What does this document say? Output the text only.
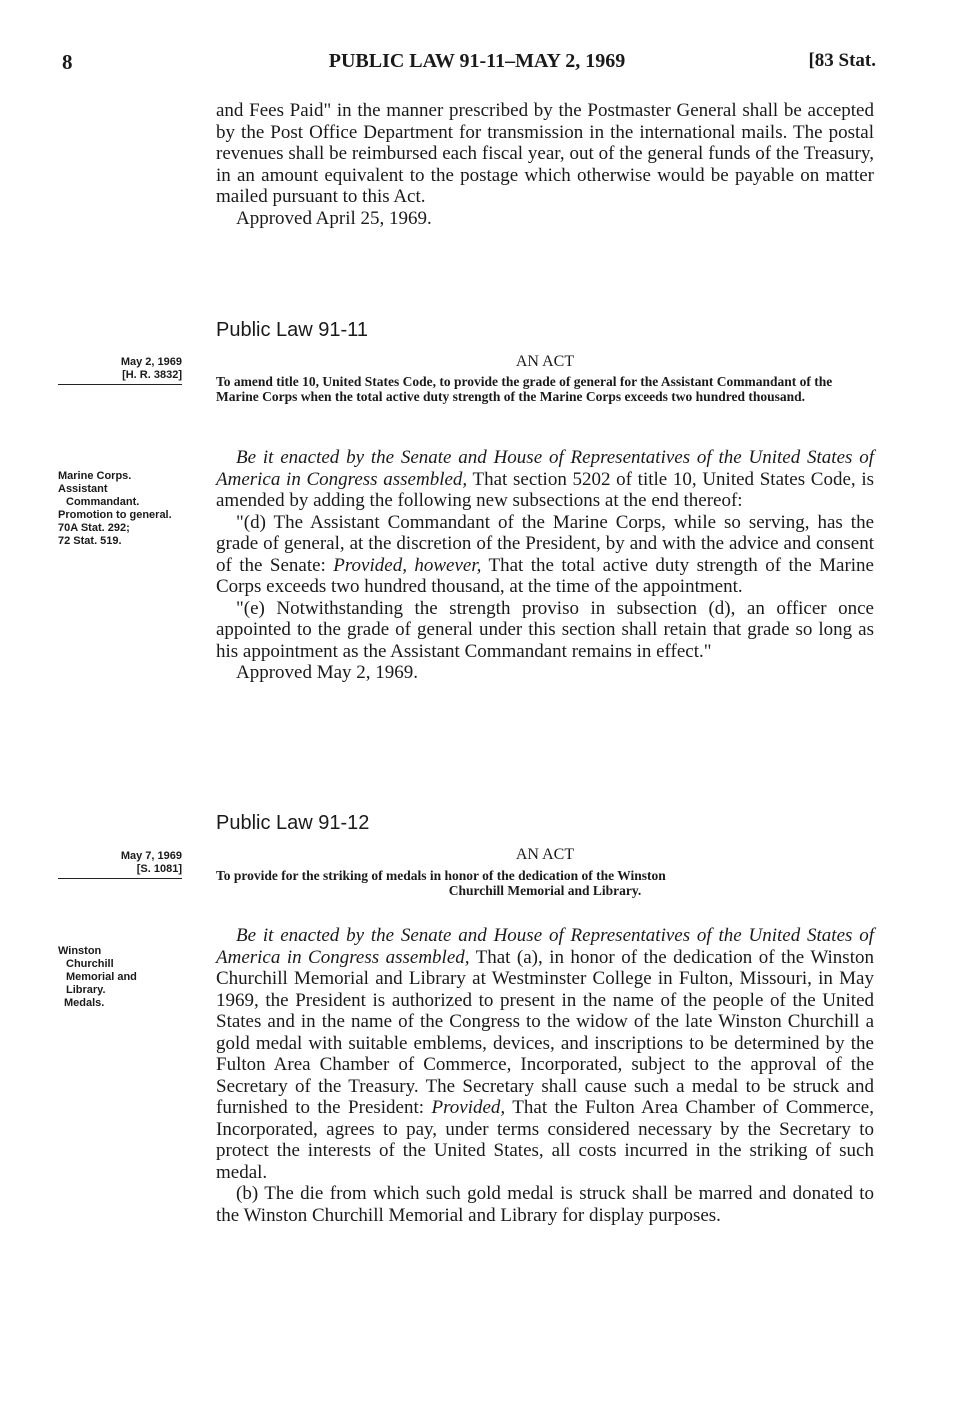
8	PUBLIC LAW 91-11–MAY 2, 1969	[83 Stat.

and Fees Paid" in the manner prescribed by the Postmaster General shall be accepted by the Post Office Department for transmission in the international mails. The postal revenues shall be reimbursed each fiscal year, out of the general funds of the Treasury, in an amount equivalent to the postage which otherwise would be payable on matter mailed pursuant to this Act.

Approved April 25, 1969.

Public Law 91-11
AN ACT
To amend title 10, United States Code, to provide the grade of general for the Assistant Commandant of the Marine Corps when the total active duty strength of the Marine Corps exceeds two hundred thousand.
May 2, 1969
[H. R. 3832]
Marine Corps.
Assistant Commandant.
Promotion to general.
70A Stat. 292;
72 Stat. 519.

Be it enacted by the Senate and House of Representatives of the United States of America in Congress assembled, That section 5202 of title 10, United States Code, is amended by adding the following new subsections at the end thereof:

"(d) The Assistant Commandant of the Marine Corps, while so serving, has the grade of general, at the discretion of the President, by and with the advice and consent of the Senate: Provided, however, That the total active duty strength of the Marine Corps exceeds two hundred thousand, at the time of the appointment.

"(e) Notwithstanding the strength proviso in subsection (d), an officer once appointed to the grade of general under this section shall retain that grade so long as his appointment as the Assistant Commandant remains in effect."

Approved May 2, 1969.

Public Law 91-12
AN ACT
To provide for the striking of medals in honor of the dedication of the Winston
Churchill Memorial and Library.
May 7, 1969
[S. 1081]
Winston Churchill Memorial and Library.
Medals.

Be it enacted by the Senate and House of Representatives of the United States of America in Congress assembled, That (a), in honor of the dedication of the Winston Churchill Memorial and Library at Westminster College in Fulton, Missouri, in May 1969, the President is authorized to present in the name of the people of the United States and in the name of the Congress to the widow of the late Winston Churchill a gold medal with suitable emblems, devices, and inscriptions to be determined by the Fulton Area Chamber of Commerce, Incorporated, subject to the approval of the Secretary of the Treasury. The Secretary shall cause such a medal to be struck and furnished to the President: Provided, That the Fulton Area Chamber of Commerce, Incorporated, agrees to pay, under terms considered necessary by the Secretary to protect the interests of the United States, all costs incurred in the striking of such medal.

(b) The die from which such gold medal is struck shall be marred and donated to the Winston Churchill Memorial and Library for display purposes.
